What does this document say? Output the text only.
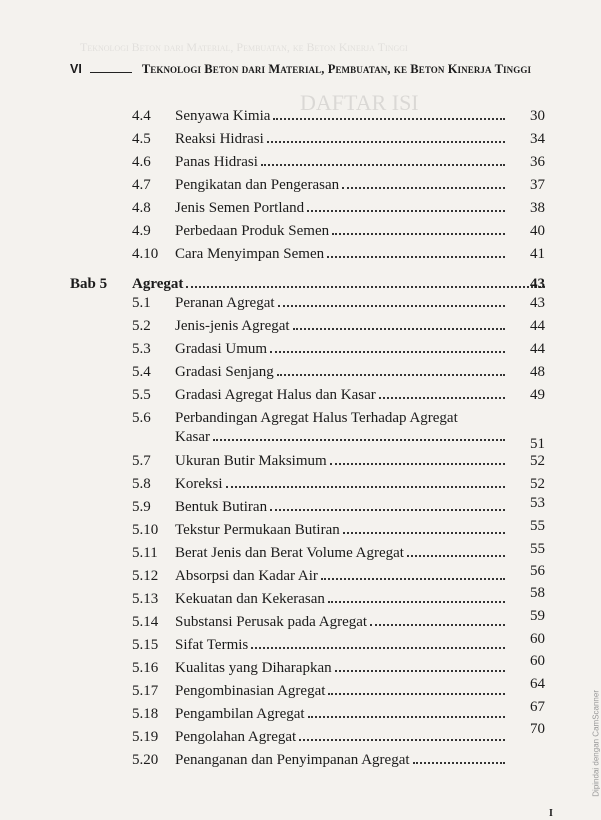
Teknologi Beton dari Material, Pembuatan, ke Beton Kinerja Tinggi
DAFTAR ISI
VI	Teknologi Beton dari Material, Pembuatan, ke Beton Kinerja Tinggi
4.4 Senyawa Kimia	30
4.5 Reaksi Hidrasi	34
4.6 Panas Hidrasi	36
4.7 Pengikatan dan Pengerasan	37
4.8 Jenis Semen Portland	38
4.9 Perbedaan Produk Semen	40
4.10 Cara Menyimpan Semen	41
Bab 5 Agregat	43
5.1 Peranan Agregat	43
5.2 Jenis-jenis Agregat	44
5.3 Gradasi Umum	44
5.4 Gradasi Senjang	48
5.5 Gradasi Agregat Halus dan Kasar	49
5.6 Perbandingan Agregat Halus Terhadap Agregat
Kasar	51
5.7 Ukuran Butir Maksimum	52
5.8 Koreksi	52
5.9 Bentuk Butiran	53
5.10 Tekstur Permukaan Butiran	55
5.11 Berat Jenis dan Berat Volume Agregat	55
5.12 Absorpsi dan Kadar Air	56
5.13 Kekuatan dan Kekerasan	58
5.14 Substansi Perusak pada Agregat	59
5.15 Sifat Termis	60
5.16 Kualitas yang Diharapkan	60
5.17 Pengombinasian Agregat	64
5.18 Pengambilan Agregat	67
5.19 Pengolahan Agregat	70
5.20 Penanganan dan Penyimpanan Agregat	Dipindai dengan CamScanner
I
